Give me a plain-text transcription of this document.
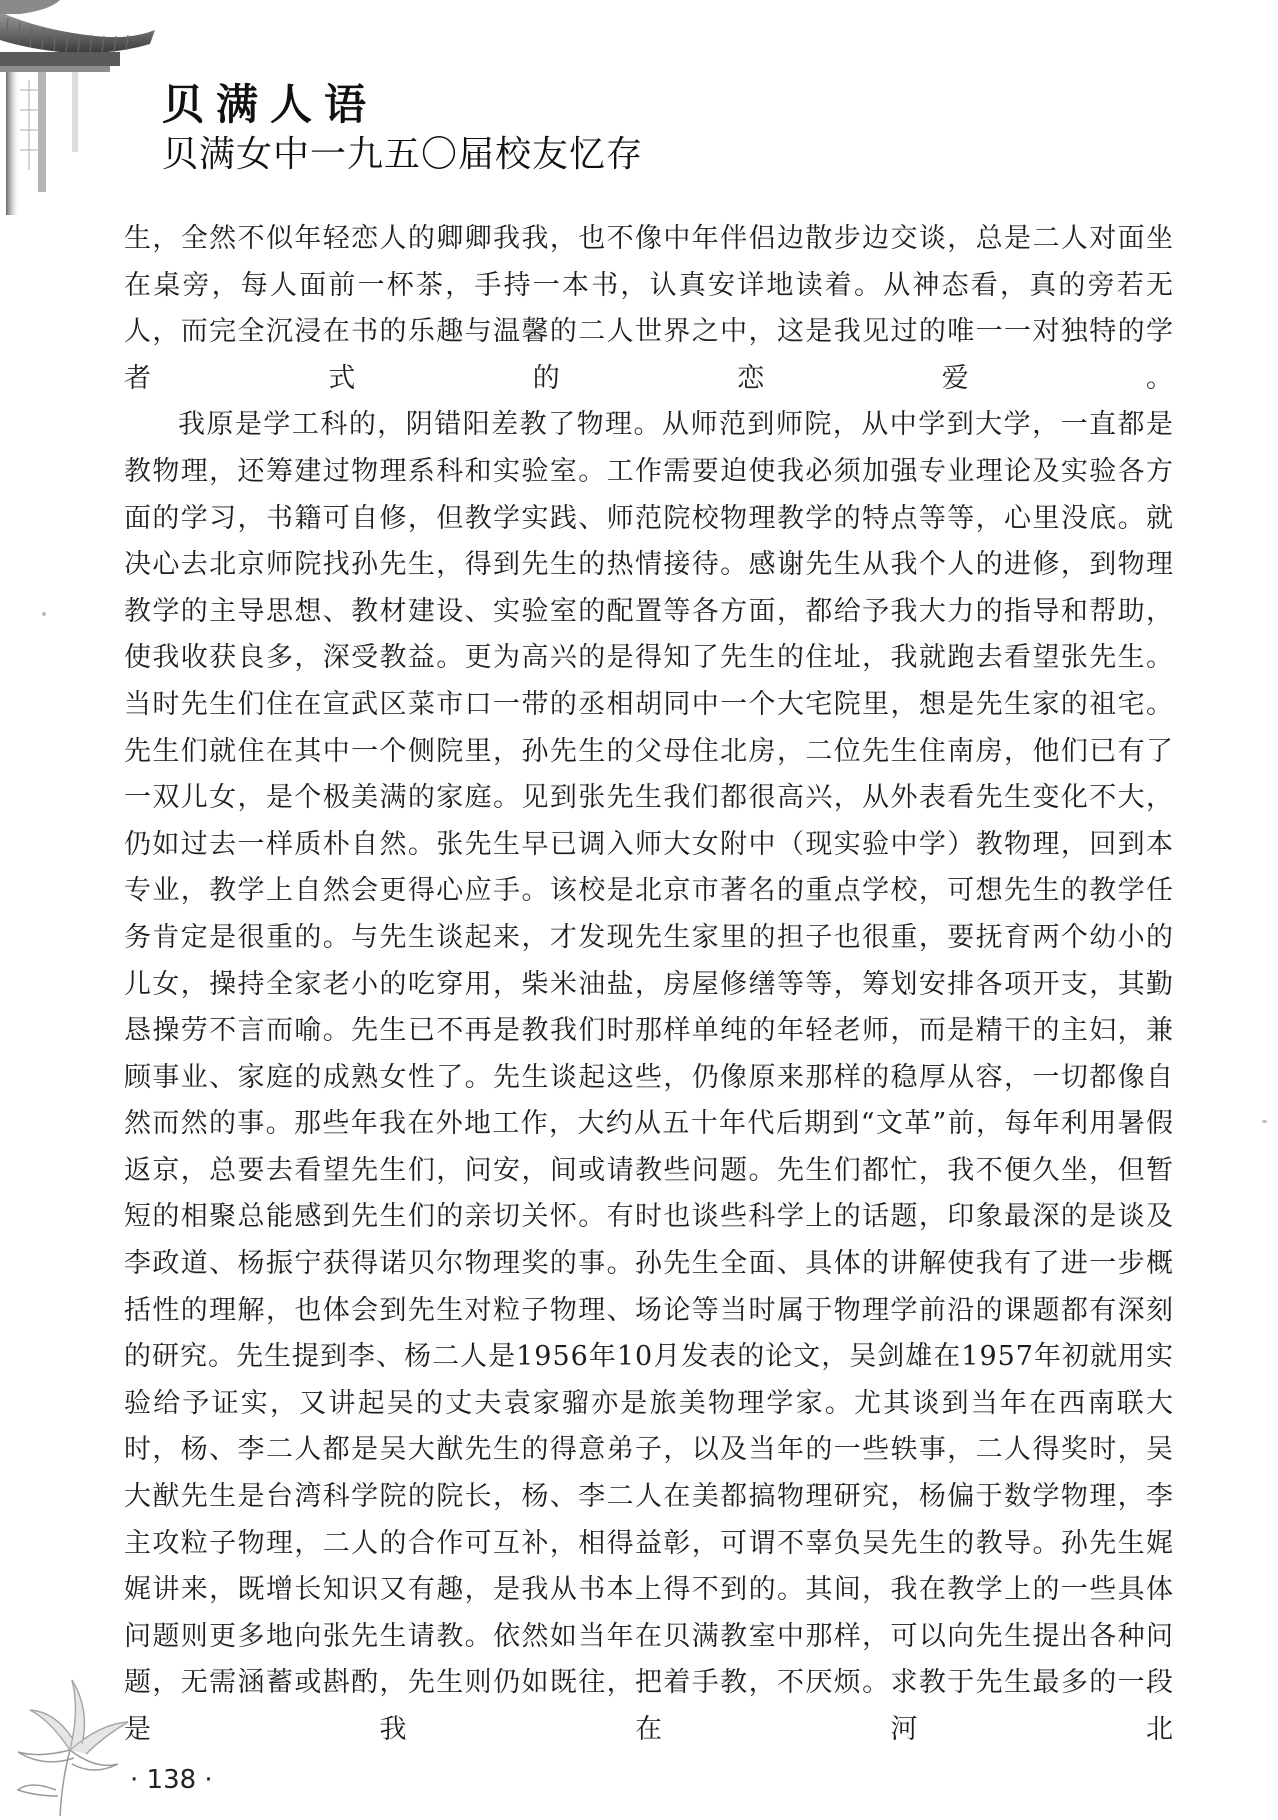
贝满人语
贝满女中一九五〇届校友忆存

生，全然不似年轻恋人的卿卿我我，也不像中年伴侣边散步边交谈，总是二人对面坐在桌旁，每人面前一杯茶，手持一本书，认真安详地读着。从神态看，真的旁若无人，而完全沉浸在书的乐趣与温馨的二人世界之中，这是我见过的唯一一对独特的学者式的恋爱。

我原是学工科的，阴错阳差教了物理。从师范到师院，从中学到大学，一直都是教物理，还筹建过物理系科和实验室。工作需要迫使我必须加强专业理论及实验各方面的学习，书籍可自修，但教学实践、师范院校物理教学的特点等等，心里没底。就决心去北京师院找孙先生，得到先生的热情接待。感谢先生从我个人的进修，到物理教学的主导思想、教材建设、实验室的配置等各方面，都给予我大力的指导和帮助，使我收获良多，深受教益。更为高兴的是得知了先生的住址，我就跑去看望张先生。当时先生们住在宣武区菜市口一带的丞相胡同中一个大宅院里，想是先生家的祖宅。先生们就住在其中一个侧院里，孙先生的父母住北房，二位先生住南房，他们已有了一双儿女，是个极美满的家庭。见到张先生我们都很高兴，从外表看先生变化不大，仍如过去一样质朴自然。张先生早已调入师大女附中（现实验中学）教物理，回到本专业，教学上自然会更得心应手。该校是北京市著名的重点学校，可想先生的教学任务肯定是很重的。与先生谈起来，才发现先生家里的担子也很重，要抚育两个幼小的儿女，操持全家老小的吃穿用，柴米油盐，房屋修缮等等，筹划安排各项开支，其勤恳操劳不言而喻。先生已不再是教我们时那样单纯的年轻老师，而是精干的主妇，兼顾事业、家庭的成熟女性了。先生谈起这些，仍像原来那样的稳厚从容，一切都像自然而然的事。那些年我在外地工作，大约从五十年代后期到“文革”前，每年利用暑假返京，总要去看望先生们，问安，间或请教些问题。先生们都忙，我不便久坐，但暂短的相聚总能感到先生们的亲切关怀。有时也谈些科学上的话题，印象最深的是谈及李政道、杨振宁获得诺贝尔物理奖的事。孙先生全面、具体的讲解使我有了进一步概括性的理解，也体会到先生对粒子物理、场论等当时属于物理学前沿的课题都有深刻的研究。先生提到李、杨二人是1956年10月发表的论文，吴剑雄在1957年初就用实验给予证实，又讲起吴的丈夫袁家骝亦是旅美物理学家。尤其谈到当年在西南联大时，杨、李二人都是吴大猷先生的得意弟子，以及当年的一些轶事，二人得奖时，吴大猷先生是台湾科学院的院长，杨、李二人在美都搞物理研究，杨偏于数学物理，李主攻粒子物理，二人的合作可互补，相得益彰，可谓不辜负吴先生的教导。孙先生娓娓讲来，既增长知识又有趣，是我从书本上得不到的。其间，我在教学上的一些具体问题则更多地向张先生请教。依然如当年在贝满教室中那样，可以向先生提出各种问题，无需涵蓄或斟酌，先生则仍如既往，把着手教，不厌烦。求教于先生最多的一段是我在河北

· 138 ·
